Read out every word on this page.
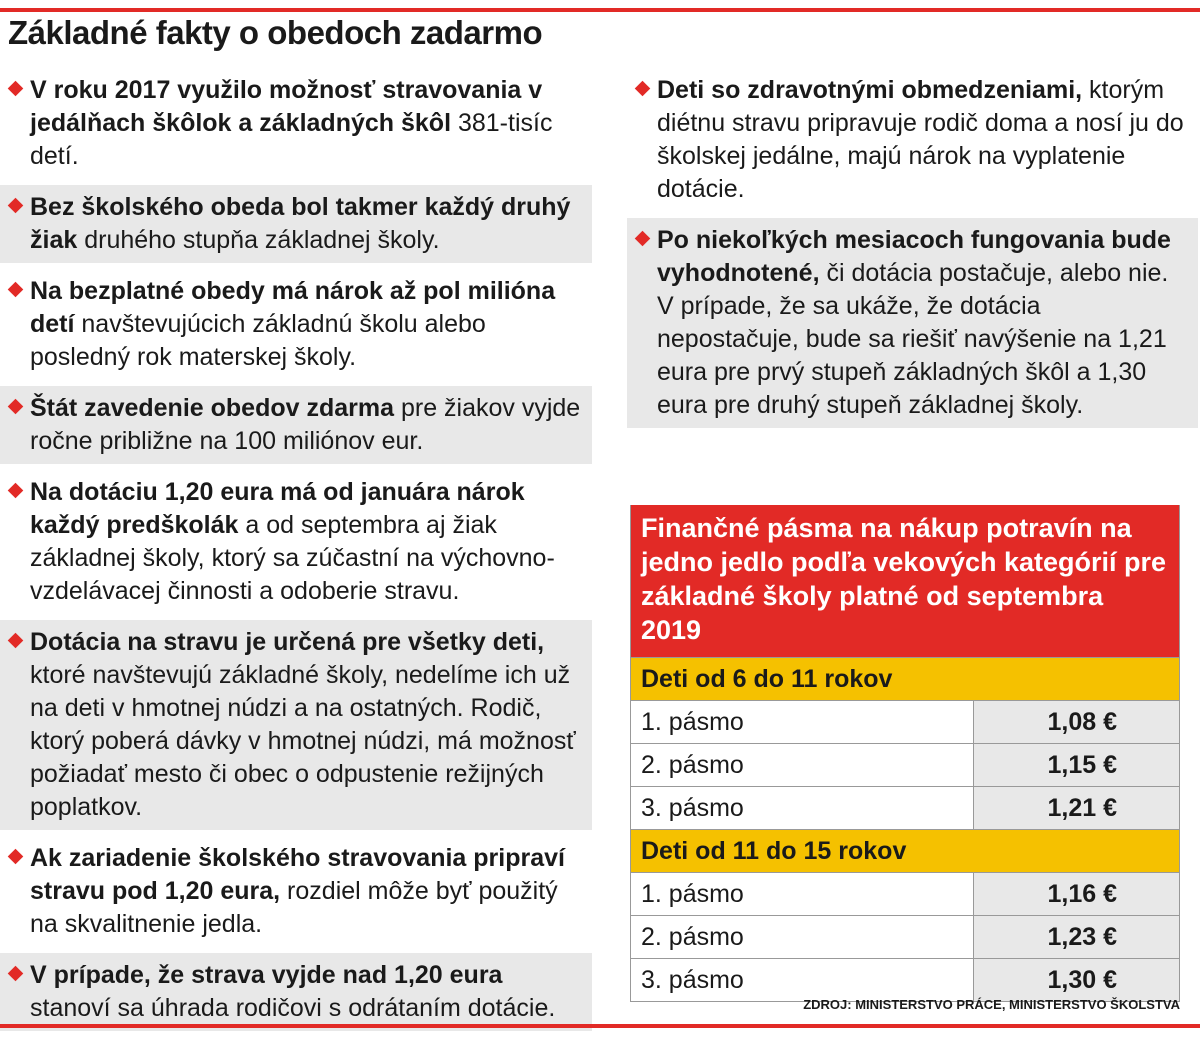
Základné fakty o obedoch zadarmo
V roku 2017 využilo možnosť stravovania v jedálňach škôlok a základných škôl 381-tisíc detí.
Bez školského obeda bol takmer každý druhý žiak druhého stupňa základnej školy.
Na bezplatné obedy má nárok až pol milióna detí navštevujúcich základnú školu alebo posledný rok materskej školy.
Štát zavedenie obedov zdarma pre žiakov vyjde ročne približne na 100 miliónov eur.
Na dotáciu 1,20 eura má od januára nárok každý predškolák a od septembra aj žiak základnej školy, ktorý sa zúčastní na výchovno-vzdelávacej činnosti a odoberie stravu.
Dotácia na stravu je určená pre všetky deti, ktoré navštevujú základné školy, nedelíme ich už na deti v hmotnej núdzi a na ostatných. Rodič, ktorý poberá dávky v hmotnej núdzi, má možnosť požiadať mesto či obec o odpustenie režijných poplatkov.
Ak zariadenie školského stravovania pripraví stravu pod 1,20 eura, rozdiel môže byť použitý na skvalitnenie jedla.
V prípade, že strava vyjde nad 1,20 eura stanoví sa úhrada rodičovi s odrátaním dotácie.
Deti so zdravotnými obmedzeniami, ktorým diétnu stravu pripravuje rodič doma a nosí ju do školskej jedálne, majú nárok na vyplatenie dotácie.
Po niekoľkých mesiacoch fungovania bude vyhodnotené, či dotácia postačuje, alebo nie. V prípade, že sa ukáže, že dotácia nepostačuje, bude sa riešiť navýšenie na 1,21 eura pre prvý stupeň základných škôl a 1,30 eura pre druhý stupeň základnej školy.
Finančné pásma na nákup potravín na jedno jedlo podľa vekových kategórií pre základné školy platné od septembra 2019
Deti od 6 do 11 rokov
1. pásmo	1,08 €
2. pásmo	1,15 €
3. pásmo	1,21 €
Deti od 11 do 15 rokov
1. pásmo	1,16 €
2. pásmo	1,23 €
3. pásmo	1,30 €
ZDROJ: MINISTERSTVO PRÁCE, MINISTERSTVO ŠKOLSTVA
